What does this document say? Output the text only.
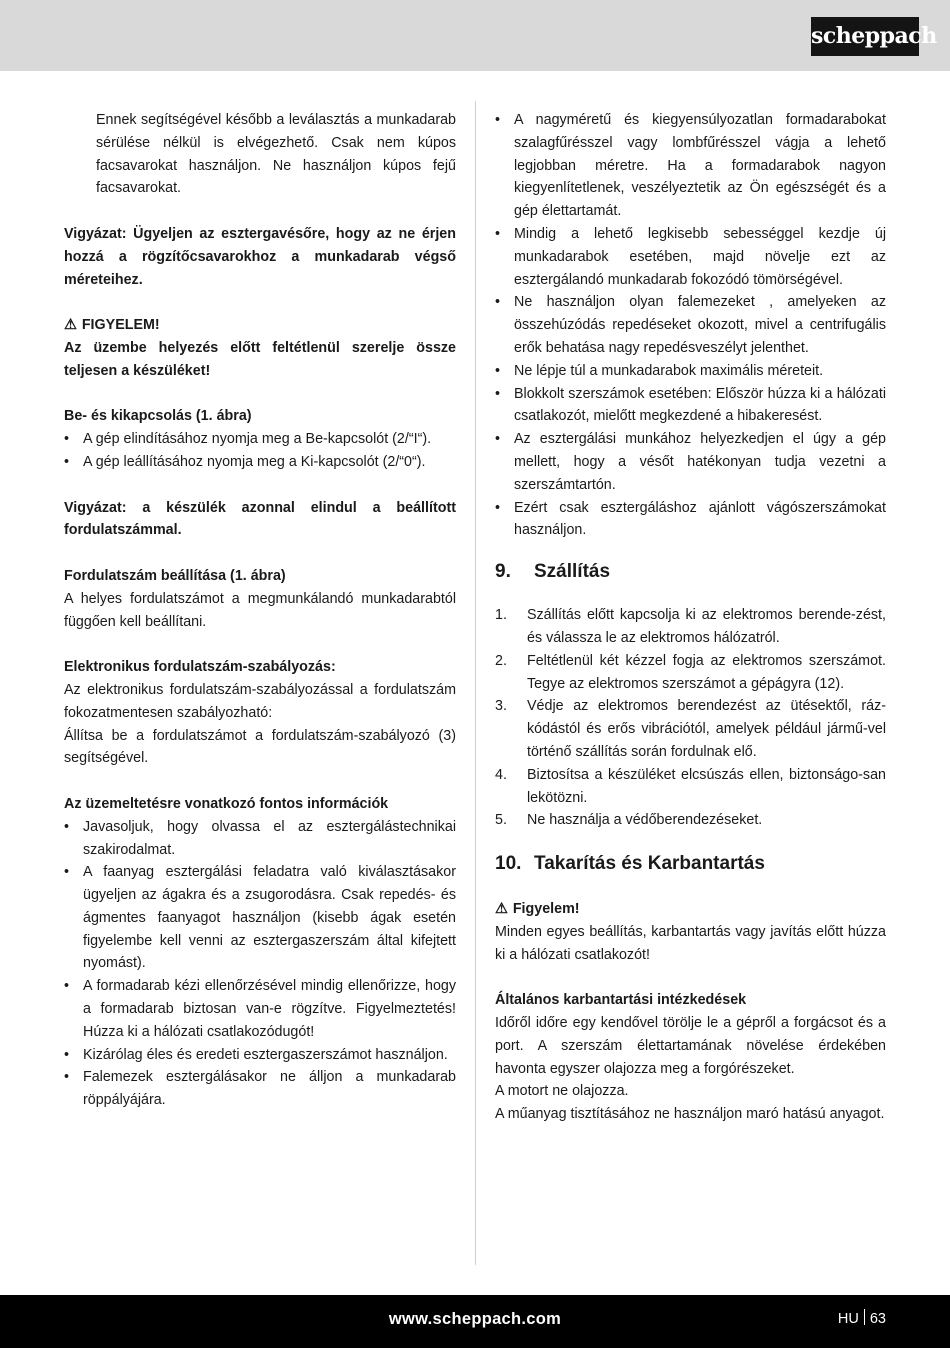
scheppach

Ennek segítségével később a leválasztás a munkadarab sérülése nélkül is elvégezhető. Csak nem kúpos facsavarokat használjon. Ne használjon kúpos fejű facsavarokat.

Vigyázat: Ügyeljen az esztergavésőre, hogy az ne érjen hozzá a rögzítőcsavarokhoz a munkadarab végső méreteihez.

⚠ FIGYELEM!

Az üzembe helyezés előtt feltétlenül szerelje össze teljesen a készüléket!

Be- és kikapcsolás (1. ábra)

• A gép elindításához nyomja meg a Be-kapcsolót (2/“I“).
• A gép leállításához nyomja meg a Ki-kapcsolót (2/“0“).

Vigyázat: a készülék azonnal elindul a beállított fordulatszámmal.

Fordulatszám beállítása (1. ábra)

A helyes fordulatszámot a megmunkálandó munkadarabtól függően kell beállítani.

Elektronikus fordulatszám-szabályozás:

Az elektronikus fordulatszám-szabályozással a fordulatszám fokozatmentesen szabályozható:

Állítsa be a fordulatszámot a fordulatszám-szabályozó (3) segítségével.

Az üzemeltetésre vonatkozó fontos információk

• Javasoljuk, hogy olvassa el az esztergálástechnikai szakirodalmat.
• A faanyag esztergálási feladatra való kiválasztásakor ügyeljen az ágakra és a zsugorodásra. Csak repedés- és ágmentes faanyagot használjon (kisebb ágak esetén figyelembe kell venni az esztergaszerszám által kifejtett nyomást).
• A formadarab kézi ellenőrzésével mindig ellenőrizze, hogy a formadarab biztosan van-e rögzítve. Figyelmeztetés! Húzza ki a hálózati csatlakozódugót!
• Kizárólag éles és eredeti esztergaszerszámot használjon.
• Falemezek esztergálásakor ne álljon a munkadarab röppályájára.
• A nagyméretű és kiegyensúlyozatlan formadarabokat szalagfűrésszel vagy lombfűrésszel vágja a lehető legjobban méretre. Ha a formadarabok nagyon kiegyenlítetlenek, veszélyeztetik az Ön egészségét és a gép élettartamát.
• Mindig a lehető legkisebb sebességgel kezdje új munkadarabok esetében, majd növelje ezt az esztergálandó munkadarab fokozódó tömörségével.
• Ne használjon olyan falemezeket , amelyeken az összehúzódás repedéseket okozott, mivel a centrifugális erők behatása nagy repedésveszélyt jelenthet.
• Ne lépje túl a munkadarabok maximális méreteit.
• Blokkolt szerszámok esetében: Először húzza ki a hálózati csatlakozót, mielőtt megkezdené a hibakeresést.
• Az esztergálási munkához helyezkedjen el úgy a gép mellett, hogy a vésőt hatékonyan tudja vezetni a szerszámtartón.
• Ezért csak esztergáláshoz ajánlott vágószerszámokat használjon.
9. Szállítás
1. Szállítás előtt kapcsolja ki az elektromos berende-zést, és válassza le az elektromos hálózatról.
2. Feltétlenül két kézzel fogja az elektromos szerszámot. Tegye az elektromos szerszámot a gépágyra (12).
3. Védje az elektromos berendezést az ütésektől, ráz-kódástól és erős vibrációtól, amelyek például jármű-vel történő szállítás során fordulnak elő.
4. Biztosítsa a készüléket elcsúszás ellen, biztonságo-san lekötözni.
5. Ne használja a védőberendezéseket.
10. Takarítás és Karbantartás

⚠ Figyelem!

Minden egyes beállítás, karbantartás vagy javítás előtt húzza ki a hálózati csatlakozót!

Általános karbantartási intézkedések

Időről időre egy kendővel törölje le a gépről a forgácsot és a port. A szerszám élettartamának növelése érdekében havonta egyszer olajozza meg a forgórészeket.

A motort ne olajozza.

A műanyag tisztításához ne használjon maró hatású anyagot.

www.scheppach.com	HU 63
